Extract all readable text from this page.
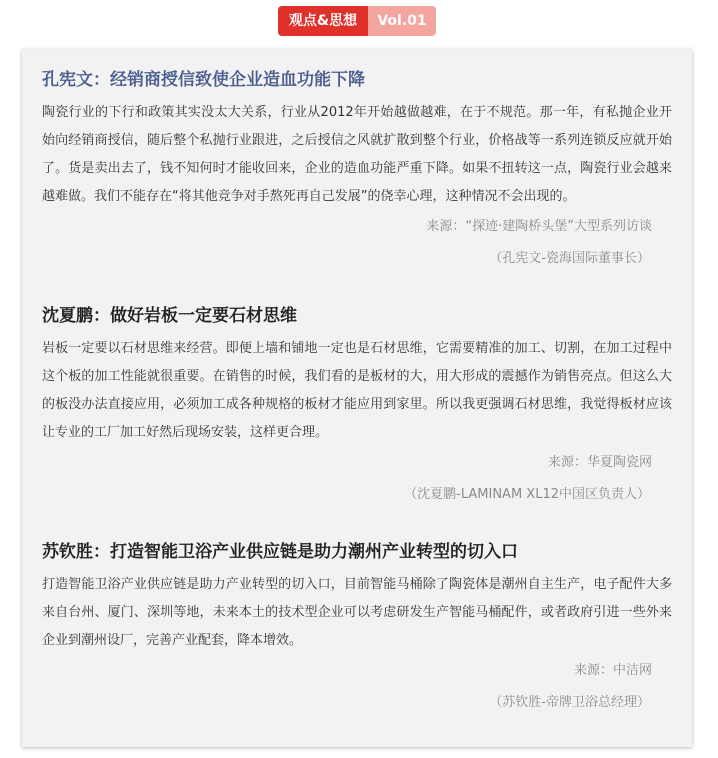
观点&思想	Vol.01
孔宪文：经销商授信致使企业造血功能下降

陶瓷行业的下行和政策其实没太大关系，行业从2012年开始越做越难，在于不规范。那一年，有私抛企业开始向经销商授信，随后整个私抛行业跟进，之后授信之风就扩散到整个行业，价格战等一系列连锁反应就开始了。货是卖出去了，钱不知何时才能收回来，企业的造血功能严重下降。如果不扭转这一点，陶瓷行业会越来越难做。我们不能存在“将其他竞争对手熬死再自己发展”的侥幸心理，这种情况不会出现的。

来源：“探迹·建陶桥头堡”大型系列访谈
（孔宪文-瓷海国际董事长）
沈夏鹏：做好岩板一定要石材思维

岩板一定要以石材思维来经营。即便上墙和铺地一定也是石材思维，它需要精准的加工、切割，在加工过程中这个板的加工性能就很重要。在销售的时候，我们看的是板材的大，用大形成的震撼作为销售亮点。但这么大的板没办法直接应用，必须加工成各种规格的板材才能应用到家里。所以我更强调石材思维，我觉得板材应该让专业的工厂加工好然后现场安装，这样更合理。

来源：华夏陶瓷网
（沈夏鹏-LAMINAM XL12中国区负责人）
苏钦胜：打造智能卫浴产业供应链是助力潮州产业转型的切入口

打造智能卫浴产业供应链是助力产业转型的切入口，目前智能马桶除了陶瓷体是潮州自主生产，电子配件大多来自台州、厦门、深圳等地，未来本土的技术型企业可以考虑研发生产智能马桶配件，或者政府引进一些外来企业到潮州设厂，完善产业配套，降本增效。

来源：中洁网
（苏钦胜-帝牌卫浴总经理）
